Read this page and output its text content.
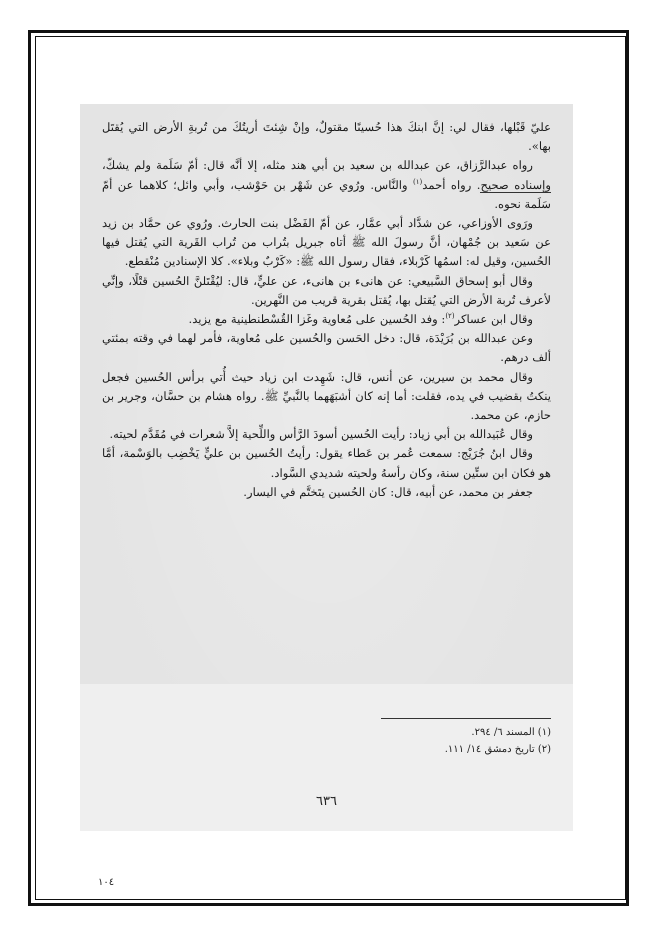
عليّ قَبْلها، فقال لي: إنَّ ابنكَ هذا حُسينًا مقتولٌ، وإنْ شِئتَ أريتُكَ من تُربةِ الأرض التي يُقتَل بها».

رواه عبدالرَّزاق، عن عبدالله بن سعيد بن أبي هند مثله، إلا أنَّه قال: أمّ سَلَمة ولم يشكّ، وإسناده صحيح. رواه أحمد$^{(١)}$ والنَّاس. ورُوي عن شَهْر بن حَوْشب، وأبي وائل؛ كلاهما عن أمّ سَلَمة نحوه.

ورَوى الأوزاعي، عن شدَّاد أبي عمَّار، عن أمّ الفَضْل بنت الحارث. ورُوي عن حمَّاد بن زيد عن سَعيد بن جُمْهان، أنَّ رسولَ الله ﷺ أتاه جبريل بتُراب من تُراب القَرية التي يُقتل فيها الحُسين، وقيل له: اسمُها كَرْبلاء، فقال رسول الله ﷺ: «كَرْبٌ وبلاء». كلا الإسنادين مُنْقطع.

وقال أبو إسحاق السَّبيعي: عن هانىء بن هانىء، عن عليٍّ، قال: ليُقْتَلنَّ الحُسين قتْلًا، وإنِّي لأعرف تُربة الأرض التي يُقتل بها، يُقتل بقرية قريب من النَّهرين.

وقال ابن عساكر$^{(٢)}$: وفد الحُسين على مُعاوية وغَزا القُسْطنطينية مع يزيد.

وعن عبدالله بن بُرَيْدَة، قال: دخل الحَسن والحُسين على مُعاوية، فأمر لهما في وقته بمئتي ألف درهم.

وقال محمد بن سيرين، عن أنس، قال: شَهِدت ابن زياد حيث أُتي برأس الحُسين فجعل ينكتُ بقضيب في يده، فقلت: أما إنه كان أشبَهَهما بالنَّبيِّ ﷺ. رواه هشام بن حسَّان، وجرير بن حازم، عن محمد.

وقال عُبَيدالله بن أبي زياد: رأيت الحُسين أسودَ الرَّأس واللِّحية إلاَّ شعرات في مُقَدَّم لحيته.

وقال ابنُ جُرَيْج: سمعت عُمر بن عَطاء يقول: رأيتُ الحُسين بن عليٍّ يَخْضِب بالوَسْمة، أمَّا هو فكان ابن ستِّين سنة، وكان رأسهُ ولحيته شديدي السَّواد.

جعفر بن محمد، عن أبيه، قال: كان الحُسين يتَختَّم في اليسار.

(١) المسند ٦/ ٢٩٤.
(٢) تاريخ دمشق ١٤/ ١١١.
٦٣٦
١٠٤
